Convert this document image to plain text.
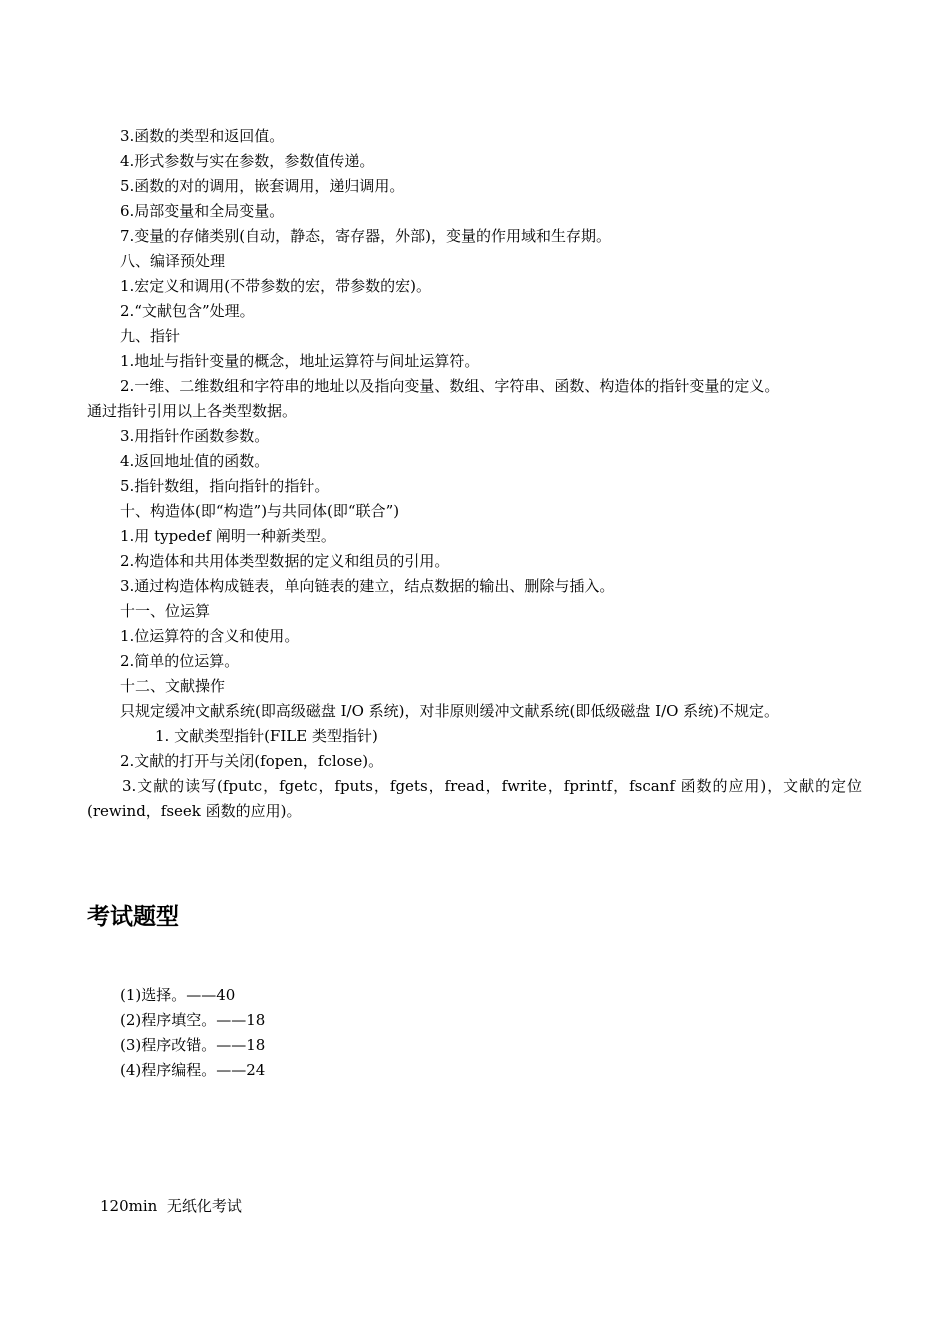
3.函数的类型和返回值。
4.形式参数与实在参数，参数值传递。
5.函数的对的调用，嵌套调用，递归调用。
6.局部变量和全局变量。
7.变量的存储类别(自动，静态，寄存器，外部)，变量的作用域和生存期。
八、编译预处理
1.宏定义和调用(不带参数的宏，带参数的宏)。
2.“文献包含”处理。
九、指针
1.地址与指针变量的概念，地址运算符与间址运算符。
2.一维、二维数组和字符串的地址以及指向变量、数组、字符串、函数、构造体的指针变量的定义。
通过指针引用以上各类型数据。
3.用指针作函数参数。
4.返回地址值的函数。
5.指针数组，指向指针的指针。
十、构造体(即“构造”)与共同体(即“联合”)
1.用 typedef 阐明一种新类型。
2.构造体和共用体类型数据的定义和组员的引用。
3.通过构造体构成链表，单向链表的建立，结点数据的输出、删除与插入。
十一、位运算
1.位运算符的含义和使用。
2.简单的位运算。
十二、文献操作
只规定缓冲文献系统(即高级磁盘 I/O 系统)，对非原则缓冲文献系统(即低级磁盘 I/O 系统)不规定。
1. 文献类型指针(FILE 类型指针)
2.文献的打开与关闭(fopen，fclose)。
3.文献的读写(fputc，fgetc，fputs，fgets，fread，fwrite，fprintf，fscanf 函数的应用)，文献的定位
(rewind，fseek 函数的应用)。
考试题型
(1)选择。——40
(2)程序填空。——18
(3)程序改错。——18
(4)程序编程。——24
120min  无纸化考试
